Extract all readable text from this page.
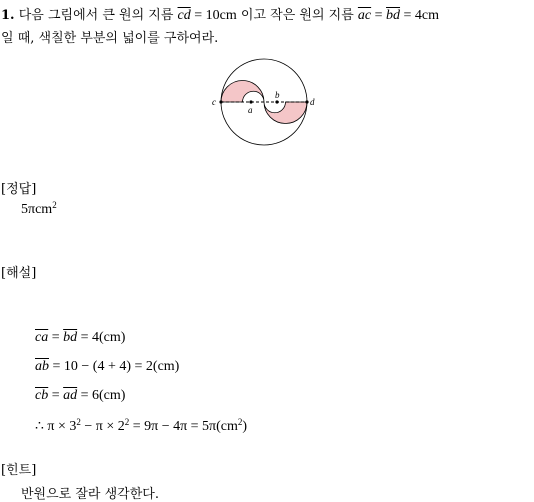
1. 다음 그림에서 큰 원의 지름 $\overline{cd} = 10cm$ 이고 작은 원의 지름 $\overline{ac} = \overline{bd} = 4cm$
일 때, 색칠한 부분의 넓이를 구하여라.
c
a
b
d
[정답]
5πcm$^2$
[해설]
$\overline{ca} = \overline{bd} = 4(cm)$
$\overline{ab} = 10 - (4 + 4) = 2(cm)$
$\overline{cb} = \overline{ad} = 6(cm)$
∴ $\pi \times 3^2 - \pi \times 2^2 = 9\pi - 4\pi = 5\pi(cm^2)$
[힌트]
반원으로 잘라 생각한다.
